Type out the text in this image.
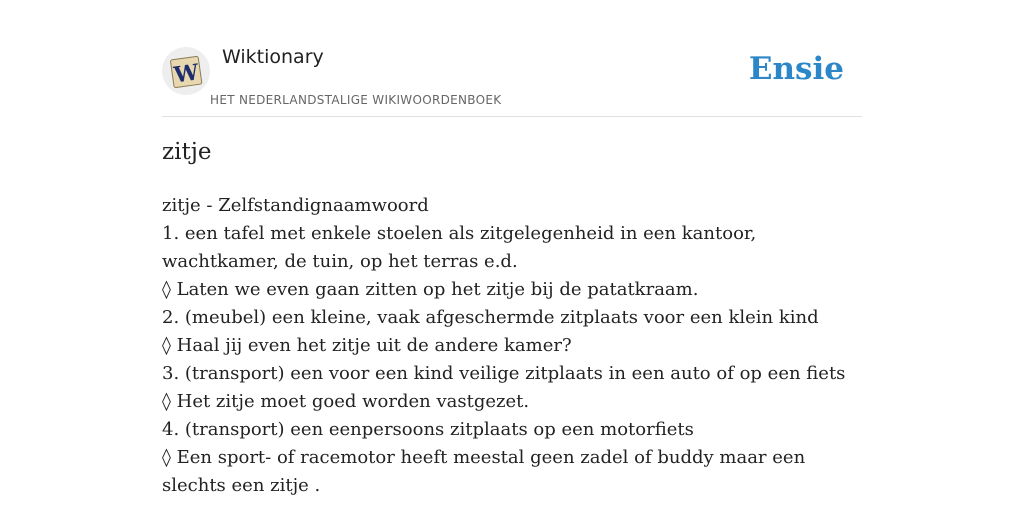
W
Wiktionary
HET NEDERLANDSTALIGE WIKIWOORDENBOEK
Ensie
zitje
zitje - Zelfstandignaamwoord
1. een tafel met enkele stoelen als zitgelegenheid in een kantoor, wachtkamer, de tuin, op het terras e.d.
◊ Laten we even gaan zitten op het zitje bij de patatkraam.
2. (meubel) een kleine, vaak afgeschermde zitplaats voor een klein kind
◊ Haal jij even het zitje uit de andere kamer?
3. (transport) een voor een kind veilige zitplaats in een auto of op een fiets
◊ Het zitje moet goed worden vastgezet.
4. (transport) een eenpersoons zitplaats op een motorfiets
◊ Een sport- of racemotor heeft meestal geen zadel of buddy maar een slechts een zitje .
